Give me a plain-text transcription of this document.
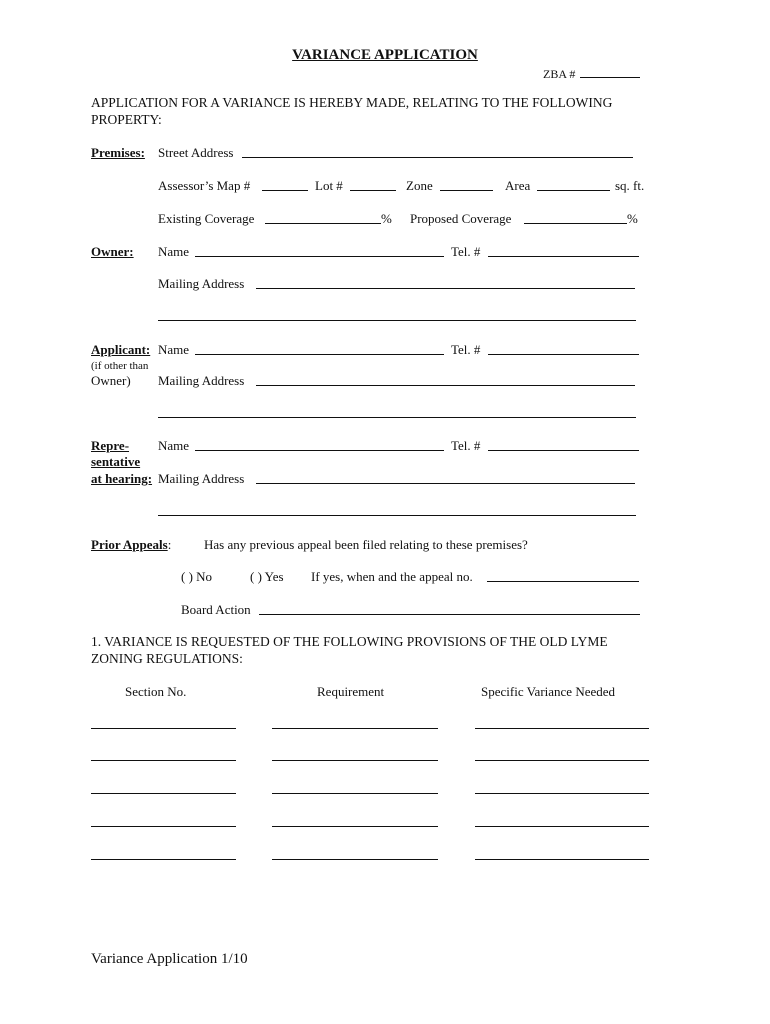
VARIANCE APPLICATION
ZBA #
APPLICATION FOR A VARIANCE IS HEREBY MADE, RELATING TO THE FOLLOWING
PROPERTY:
Premises: Street Address
Assessor’s Map #	Lot #	Zone	Area	sq. ft.
Existing Coverage	% Proposed Coverage	%
Owner: Name	Tel. #
Mailing Address
Applicant: Name	Tel. #
(if other than
Owner) Mailing Address
Repre-
sentative
at hearing:
Name	Tel. #
Mailing Address
Prior Appeals:	Has any previous appeal been filed relating to these premises?
( ) No	( ) Yes If yes, when and the appeal no.
Board Action
1. VARIANCE IS REQUESTED OF THE FOLLOWING PROVISIONS OF THE OLD LYME
ZONING REGULATIONS:
Section No.	Requirement	Specific Variance Needed
Variance Application 1/10
